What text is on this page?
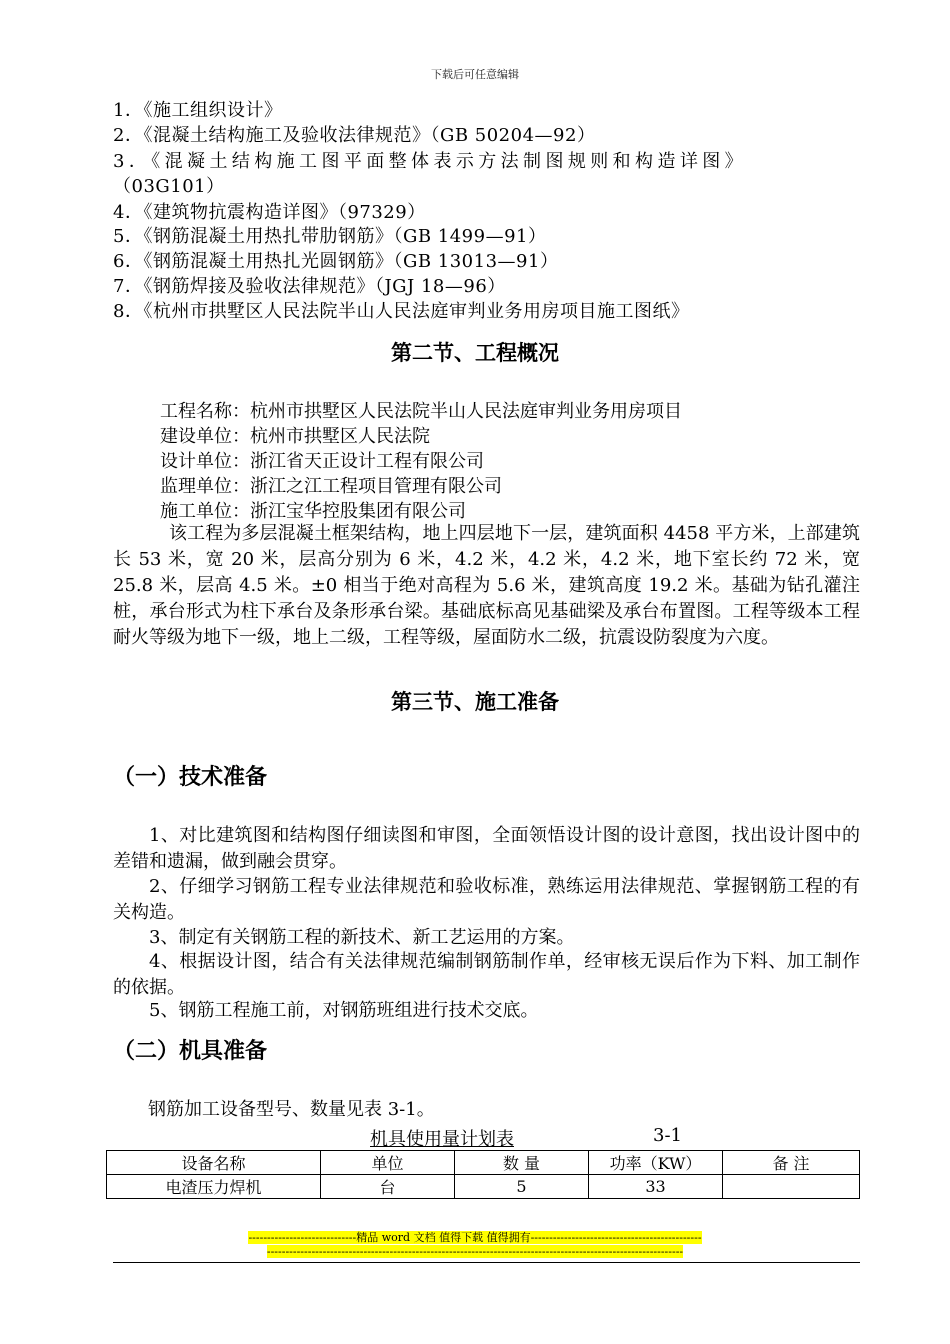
下载后可任意编辑
1．《施工组织设计》
2．《混凝土结构施工及验收法律规范》（GB 50204—92）
3．《混凝土结构施工图平面整体表示方法制图规则和构造详图》
（03G101）
4．《建筑物抗震构造详图》（97329）
5．《钢筋混凝土用热扎带肋钢筋》（GB 1499—91）
6．《钢筋混凝土用热扎光圆钢筋》（GB 13013—91）
7．《钢筋焊接及验收法律规范》（JGJ 18—96）
8．《杭州市拱墅区人民法院半山人民法庭审判业务用房项目施工图纸》
第二节、工程概况
工程名称：杭州市拱墅区人民法院半山人民法庭审判业务用房项目
建设单位：杭州市拱墅区人民法院
设计单位：浙江省天正设计工程有限公司
监理单位：浙江之江工程项目管理有限公司
施工单位：浙江宝华控股集团有限公司
该工程为多层混凝土框架结构，地上四层地下一层，建筑面积 4458 平方米，上部建筑长 53 米，宽 20 米，层高分别为 6 米，4.2 米，4.2 米，4.2 米，地下室长约 72 米，宽 25.8 米，层高 4.5 米。±0 相当于绝对高程为 5.6 米，建筑高度 19.2 米。基础为钻孔灌注桩，承台形式为柱下承台及条形承台梁。基础底标高见基础梁及承台布置图。工程等级本工程耐火等级为地下一级，地上二级，工程等级，屋面防水二级，抗震设防裂度为六度。
第三节、施工准备
（一）技术准备
1、对比建筑图和结构图仔细读图和审图，全面领悟设计图的设计意图，找出设计图中的差错和遗漏，做到融会贯穿。
2、仔细学习钢筋工程专业法律规范和验收标准，熟练运用法律规范、掌握钢筋工程的有关构造。
3、制定有关钢筋工程的新技术、新工艺运用的方案。
4、根据设计图，结合有关法律规范编制钢筋制作单，经审核无误后作为下料、加工制作的依据。
5、钢筋工程施工前，对钢筋班组进行技术交底。
（二）机具准备
钢筋加工设备型号、数量见表 3-1。
机具使用量计划表	3-1
设备名称	单位	数 量	功率（KW）	备 注
电渣压力焊机	台	5	33	
-----------------------------精品 word 文档 值得下载 值得拥有----------------------------------------------
----------------------------------------------------------------------------------------------------------------
